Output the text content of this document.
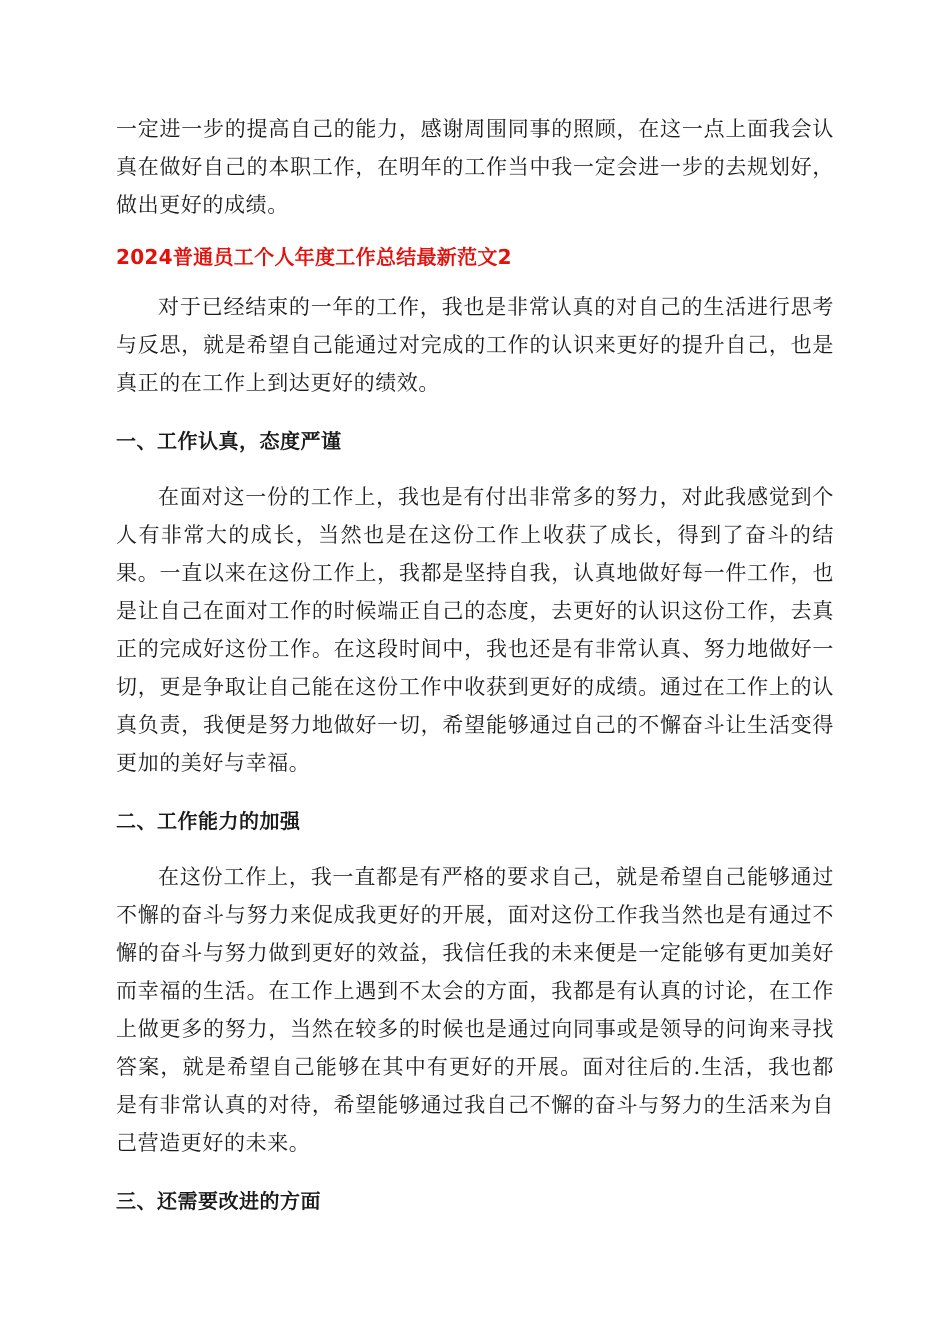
一定进一步的提高自己的能力，感谢周围同事的照顾，在这一点上面我会认真在做好自己的本职工作，在明年的工作当中我一定会进一步的去规划好，做出更好的成绩。

2024普通员工个人年度工作总结最新范文2

对于已经结束的一年的工作，我也是非常认真的对自己的生活进行思考与反思，就是希望自己能通过对完成的工作的认识来更好的提升自己，也是真正的在工作上到达更好的绩效。

一、工作认真，态度严谨

在面对这一份的工作上，我也是有付出非常多的努力，对此我感觉到个人有非常大的成长，当然也是在这份工作上收获了成长，得到了奋斗的结果。一直以来在这份工作上，我都是坚持自我，认真地做好每一件工作，也是让自己在面对工作的时候端正自己的态度，去更好的认识这份工作，去真正的完成好这份工作。在这段时间中，我也还是有非常认真、努力地做好一切，更是争取让自己能在这份工作中收获到更好的成绩。通过在工作上的认真负责，我便是努力地做好一切，希望能够通过自己的不懈奋斗让生活变得更加的美好与幸福。

二、工作能力的加强

在这份工作上，我一直都是有严格的要求自己，就是希望自己能够通过不懈的奋斗与努力来促成我更好的开展，面对这份工作我当然也是有通过不懈的奋斗与努力做到更好的效益，我信任我的未来便是一定能够有更加美好而幸福的生活。在工作上遇到不太会的方面，我都是有认真的讨论，在工作上做更多的努力，当然在较多的时候也是通过向同事或是领导的问询来寻找答案，就是希望自己能够在其中有更好的开展。面对往后的.生活，我也都是有非常认真的对待，希望能够通过我自己不懈的奋斗与努力的生活来为自己营造更好的未来。

三、还需要改进的方面
